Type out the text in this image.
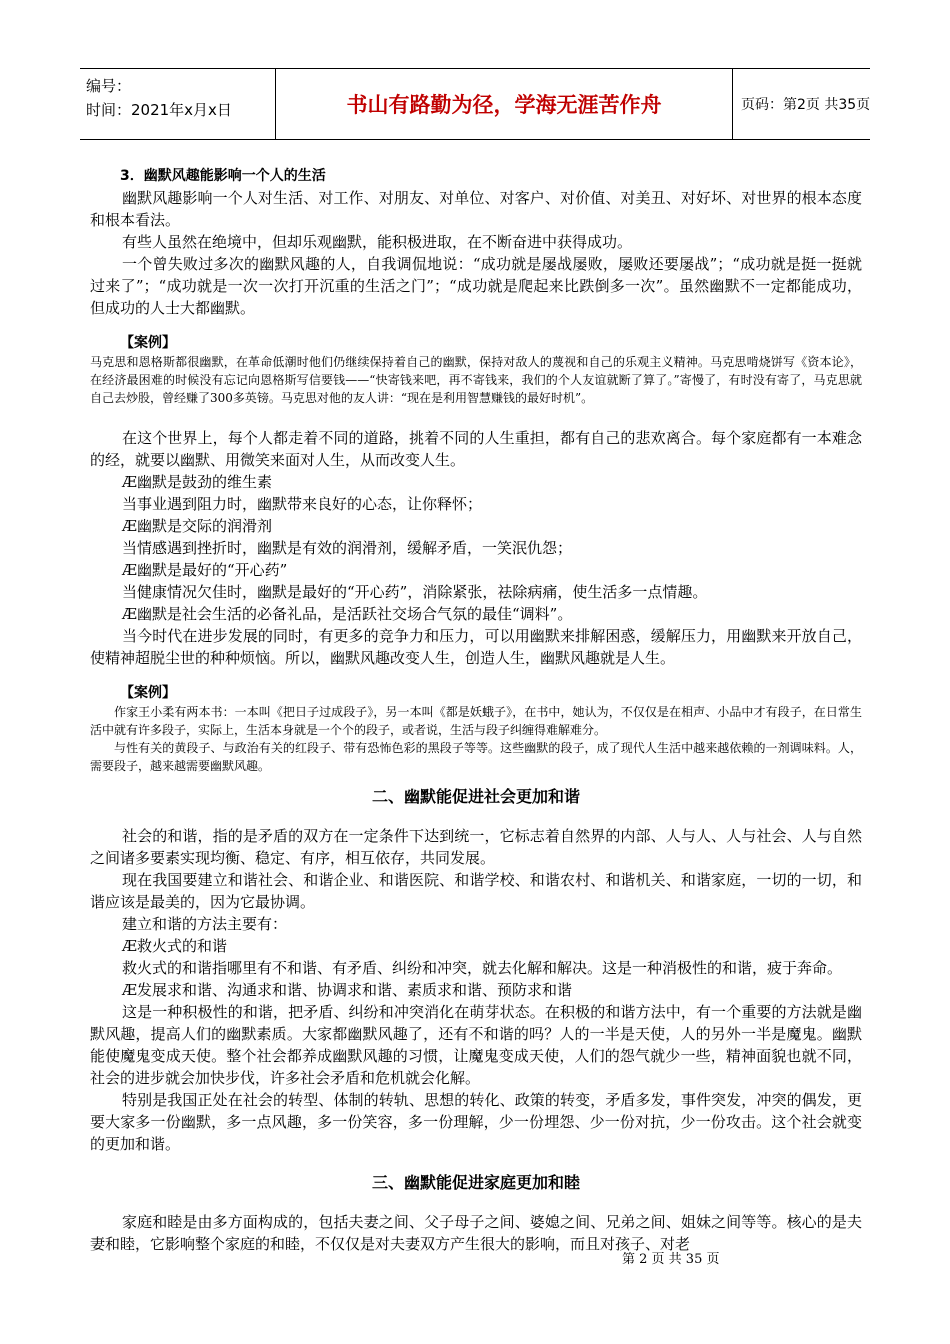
编号：
时间：2021年x月x日	书山有路勤为径，学海无涯苦作舟	页码：第2页 共35页
3．幽默风趣能影响一个人的生活

幽默风趣影响一个人对生活、对工作、对朋友、对单位、对客户、对价值、对美丑、对好坏、对世界的根本态度和根本看法。

有些人虽然在绝境中，但却乐观幽默，能积极进取，在不断奋进中获得成功。

一个曾失败过多次的幽默风趣的人，自我调侃地说：“成功就是屡战屡败，屡败还要屡战”；“成功就是挺一挺就过来了”；“成功就是一次一次打开沉重的生活之门”；“成功就是爬起来比跌倒多一次”。虽然幽默不一定都能成功，但成功的人士大都幽默。

【案例】

马克思和恩格斯都很幽默，在革命低潮时他们仍继续保持着自己的幽默，保持对敌人的蔑视和自己的乐观主义精神。马克思啃烧饼写《资本论》，在经济最困难的时候没有忘记向恩格斯写信要钱——“快寄钱来吧，再不寄钱来，我们的个人友谊就断了算了。”寄慢了，有时没有寄了，马克思就自己去炒股，曾经赚了300多英镑。马克思对他的友人讲：“现在是利用智慧赚钱的最好时机”。

在这个世界上，每个人都走着不同的道路，挑着不同的人生重担，都有自己的悲欢离合。每个家庭都有一本难念的经，就要以幽默、用微笑来面对人生，从而改变人生。

Æ幽默是鼓劲的维生素

当事业遇到阻力时，幽默带来良好的心态，让你释怀；

Æ幽默是交际的润滑剂

当情感遇到挫折时，幽默是有效的润滑剂，缓解矛盾，一笑泯仇怨；

Æ幽默是最好的“开心药”

当健康情况欠佳时，幽默是最好的“开心药”，消除紧张，祛除病痛，使生活多一点情趣。

Æ幽默是社会生活的必备礼品，是活跃社交场合气氛的最佳“调料”。

当今时代在进步发展的同时，有更多的竞争力和压力，可以用幽默来排解困惑，缓解压力，用幽默来开放自己，使精神超脱尘世的种种烦恼。所以，幽默风趣改变人生，创造人生，幽默风趣就是人生。

【案例】

作家王小柔有两本书：一本叫《把日子过成段子》，另一本叫《都是妖蛾子》，在书中，她认为，不仅仅是在相声、小品中才有段子，在日常生活中就有许多段子，实际上，生活本身就是一个个的段子，或者说，生活与段子纠缠得难解难分。

与性有关的黄段子、与政治有关的红段子、带有恐怖色彩的黑段子等等。这些幽默的段子，成了现代人生活中越来越依赖的一剂调味料。人，需要段子，越来越需要幽默风趣。

二、幽默能促进社会更加和谐

社会的和谐，指的是矛盾的双方在一定条件下达到统一，它标志着自然界的内部、人与人、人与社会、人与自然之间诸多要素实现均衡、稳定、有序，相互依存，共同发展。

现在我国要建立和谐社会、和谐企业、和谐医院、和谐学校、和谐农村、和谐机关、和谐家庭，一切的一切，和谐应该是最美的，因为它最协调。

建立和谐的方法主要有：

Æ救火式的和谐

救火式的和谐指哪里有不和谐、有矛盾、纠纷和冲突，就去化解和解决。这是一种消极性的和谐，疲于奔命。

Æ发展求和谐、沟通求和谐、协调求和谐、素质求和谐、预防求和谐

这是一种积极性的和谐，把矛盾、纠纷和冲突消化在萌芽状态。在积极的和谐方法中，有一个重要的方法就是幽默风趣，提高人们的幽默素质。大家都幽默风趣了，还有不和谐的吗？人的一半是天使，人的另外一半是魔鬼。幽默能使魔鬼变成天使。整个社会都养成幽默风趣的习惯，让魔鬼变成天使，人们的怨气就少一些，精神面貌也就不同，社会的进步就会加快步伐，许多社会矛盾和危机就会化解。

特别是我国正处在社会的转型、体制的转轨、思想的转化、政策的转变，矛盾多发，事件突发，冲突的偶发，更要大家多一份幽默，多一点风趣，多一份笑容，多一份理解，少一份埋怨、少一份对抗，少一份攻击。这个社会就变的更加和谐。

三、幽默能促进家庭更加和睦

家庭和睦是由多方面构成的，包括夫妻之间、父子母子之间、婆媳之间、兄弟之间、姐妹之间等等。核心的是夫妻和睦，它影响整个家庭的和睦，不仅仅是对夫妻双方产生很大的影响，而且对孩子、对老

第 2 页 共 35 页
